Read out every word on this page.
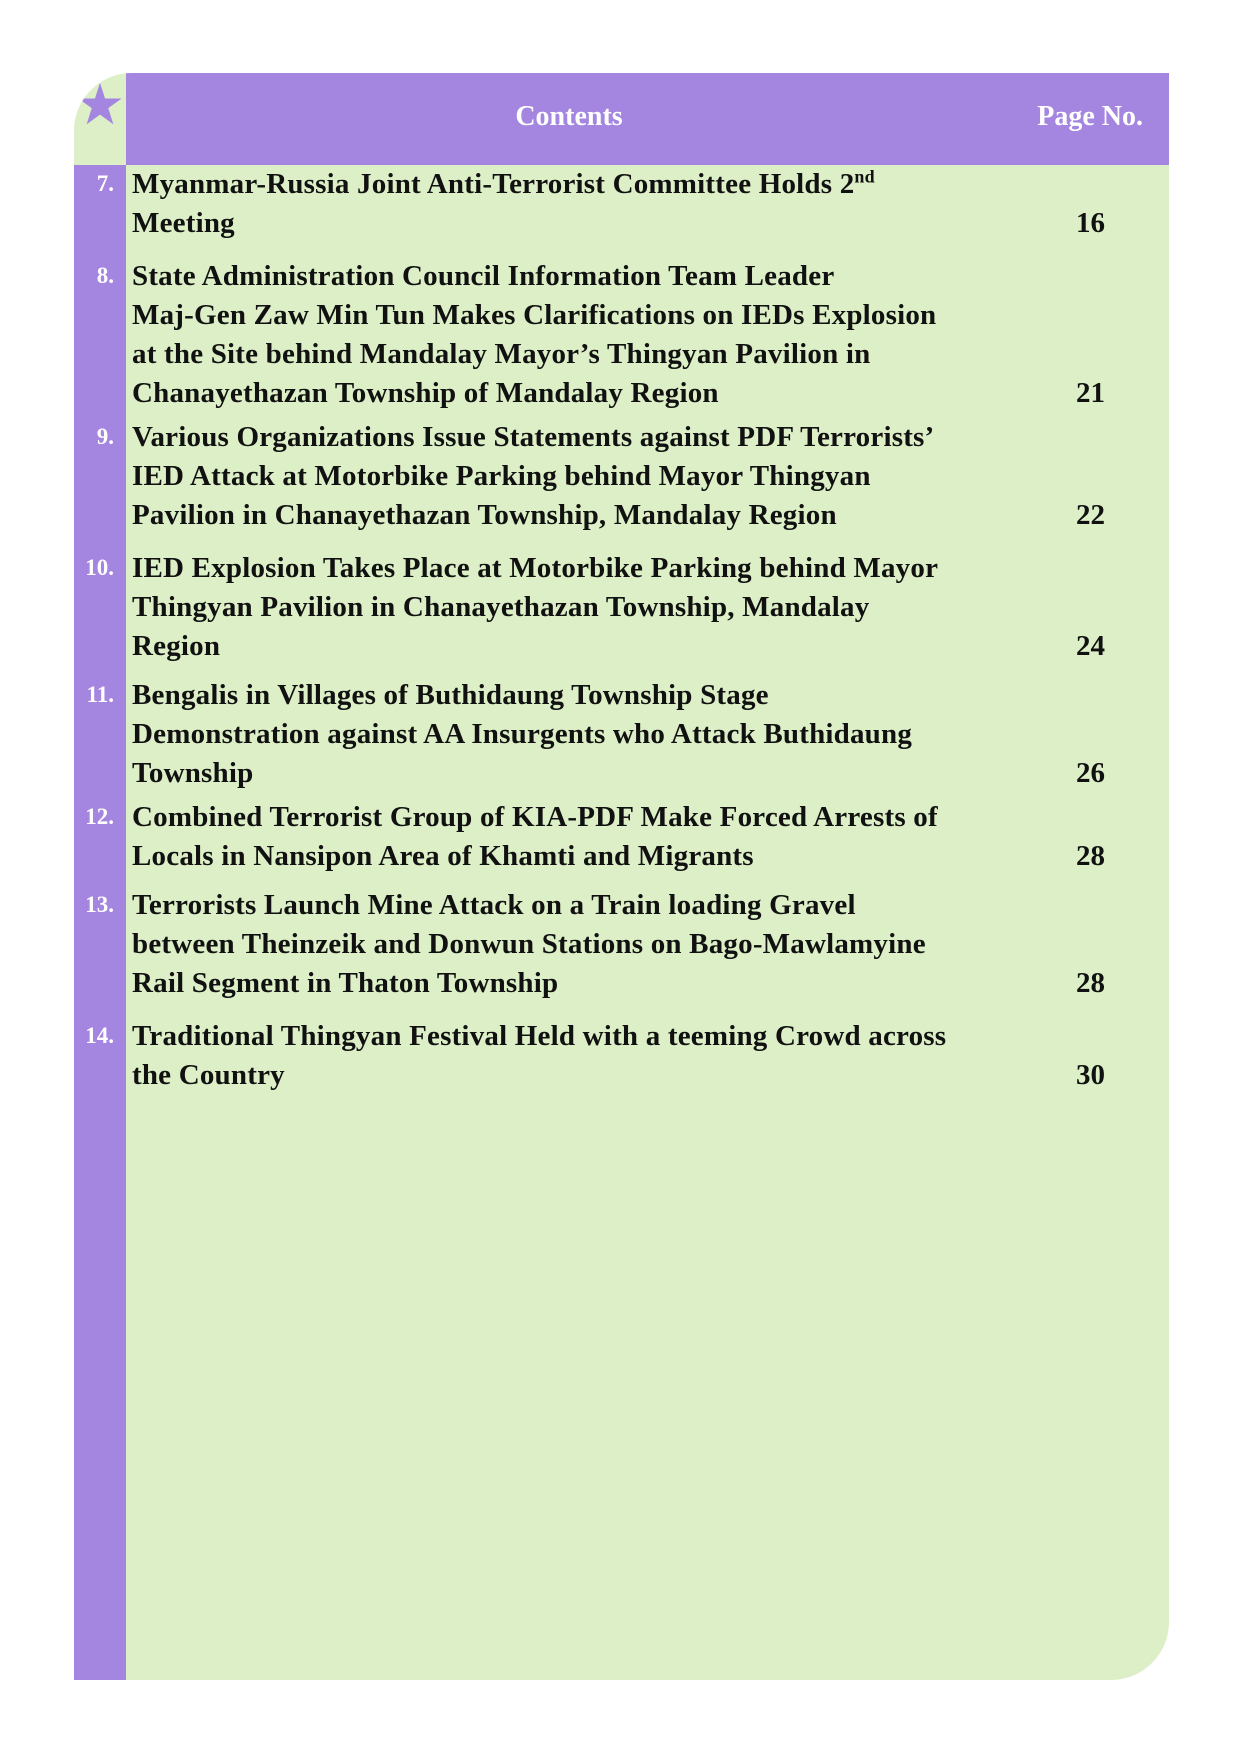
Contents	Page No.
7. Myanmar-Russia Joint Anti-Terrorist Committee Holds 2nd
Meeting	16
8. State Administration Council Information Team Leader
Maj-Gen Zaw Min Tun Makes Clarifications on IEDs Explosion
at the Site behind Mandalay Mayor’s Thingyan Pavilion in
Chanayethazan Township of Mandalay Region	21
9. Various Organizations Issue Statements against PDF Terrorists’
IED Attack at Motorbike Parking behind Mayor Thingyan
Pavilion in Chanayethazan Township, Mandalay Region	22
10. IED Explosion Takes Place at Motorbike Parking behind Mayor
Thingyan Pavilion in Chanayethazan Township, Mandalay
Region	24
11. Bengalis in Villages of Buthidaung Township Stage
Demonstration against AA Insurgents who Attack Buthidaung
Township	26
12. Combined Terrorist Group of KIA-PDF Make Forced Arrests of
Locals in Nansipon Area of Khamti and Migrants	28
13. Terrorists Launch Mine Attack on a Train loading Gravel
between Theinzeik and Donwun Stations on Bago-Mawlamyine
Rail Segment in Thaton Township	28
14. Traditional Thingyan Festival Held with a teeming Crowd across
the Country	30
